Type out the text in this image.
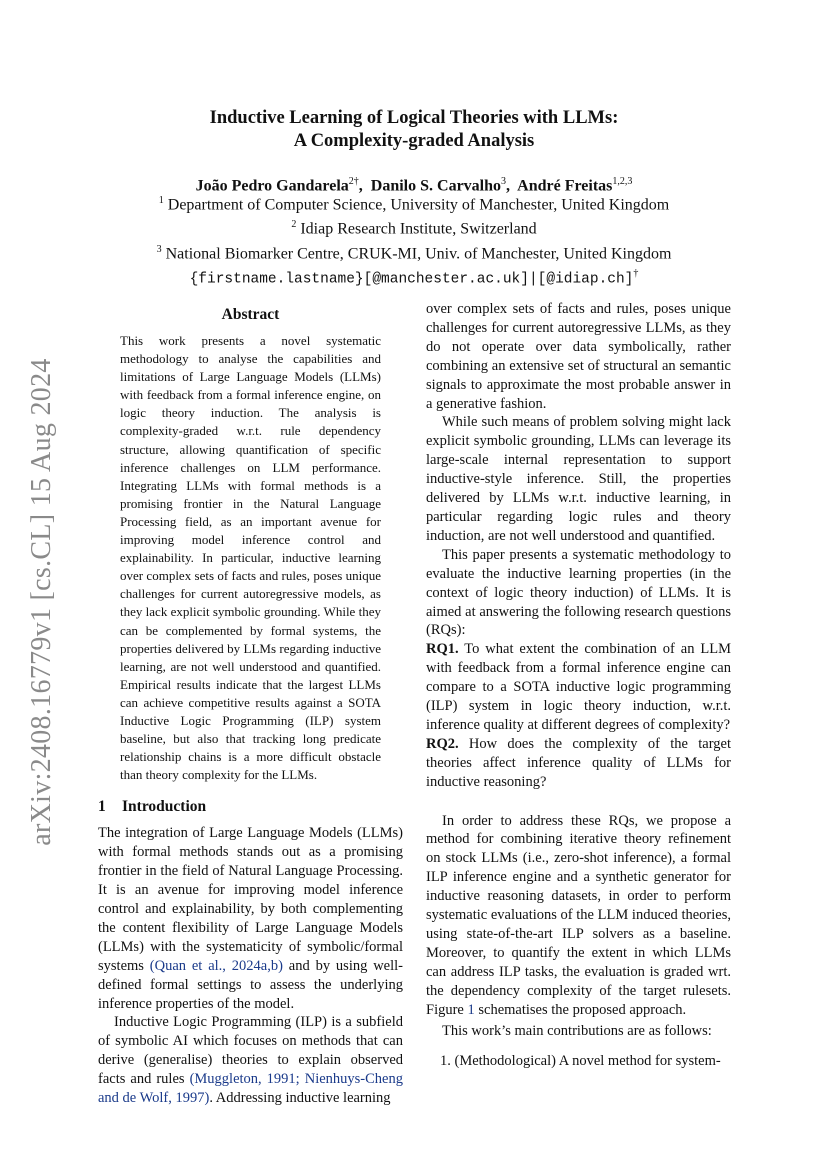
arXiv:2408.16779v1 [cs.CL] 15 Aug 2024
Inductive Learning of Logical Theories with LLMs:
A Complexity-graded Analysis
João Pedro Gandarela$^{2\dagger}$,  Danilo S. Carvalho$^3$,  André Freitas$^{1,2,3}$
$^1$ Department of Computer Science, University of Manchester, United Kingdom
$^2$ Idiap Research Institute, Switzerland
$^3$ National Biomarker Centre, CRUK-MI, Univ. of Manchester, United Kingdom
{firstname.lastname}[@manchester.ac.uk]|[@idiap.ch]†
Abstract
This work presents a novel systematic methodology to analyse the capabilities and limitations of Large Language Models (LLMs) with feedback from a formal inference engine, on logic theory induction. The analysis is complexity-graded w.r.t. rule dependency structure, allowing quantification of specific inference challenges on LLM performance. Integrating LLMs with formal methods is a promising frontier in the Natural Language Processing field, as an important avenue for improving model inference control and explainability. In particular, inductive learning over complex sets of facts and rules, poses unique challenges for current autoregressive models, as they lack explicit symbolic grounding. While they can be complemented by formal systems, the properties delivered by LLMs regarding inductive learning, are not well understood and quantified. Empirical results indicate that the largest LLMs can achieve competitive results against a SOTA Inductive Logic Programming (ILP) system baseline, but also that tracking long predicate relationship chains is a more difficult obstacle than theory complexity for the LLMs.
1 Introduction

The integration of Large Language Models (LLMs) with formal methods stands out as a promising frontier in the field of Natural Language Processing. It is an avenue for improving model inference control and explainability, by both complementing the content flexibility of Large Language Models (LLMs) with the systematicity of symbolic/formal systems (Quan et al., 2024a,b) and by using well-defined formal settings to assess the underlying inference properties of the model.

Inductive Logic Programming (ILP) is a subfield of symbolic AI which focuses on methods that can derive (generalise) theories to explain observed facts and rules (Muggleton, 1991; Nienhuys-Cheng and de Wolf, 1997). Addressing inductive learning

over complex sets of facts and rules, poses unique challenges for current autoregressive LLMs, as they do not operate over data symbolically, rather combining an extensive set of structural an semantic signals to approximate the most probable answer in a generative fashion.

While such means of problem solving might lack explicit symbolic grounding, LLMs can leverage its large-scale internal representation to support inductive-style inference. Still, the properties delivered by LLMs w.r.t. inductive learning, in particular regarding logic rules and theory induction, are not well understood and quantified.

This paper presents a systematic methodology to evaluate the inductive learning properties (in the context of logic theory induction) of LLMs. It is aimed at answering the following research questions (RQs):

RQ1. To what extent the combination of an LLM with feedback from a formal inference engine can compare to a SOTA inductive logic programming (ILP) system in logic theory induction, w.r.t. inference quality at different degrees of complexity?

RQ2. How does the complexity of the target theories affect inference quality of LLMs for inductive reasoning?

In order to address these RQs, we propose a method for combining iterative theory refinement on stock LLMs (i.e., zero-shot inference), a formal ILP inference engine and a synthetic generator for inductive reasoning datasets, in order to perform systematic evaluations of the LLM induced theories, using state-of-the-art ILP solvers as a baseline. Moreover, to quantify the extent in which LLMs can address ILP tasks, the evaluation is graded wrt. the dependency complexity of the target rulesets. Figure 1 schematises the proposed approach.

This work’s main contributions are as follows:

1. (Methodological) A novel method for system-
